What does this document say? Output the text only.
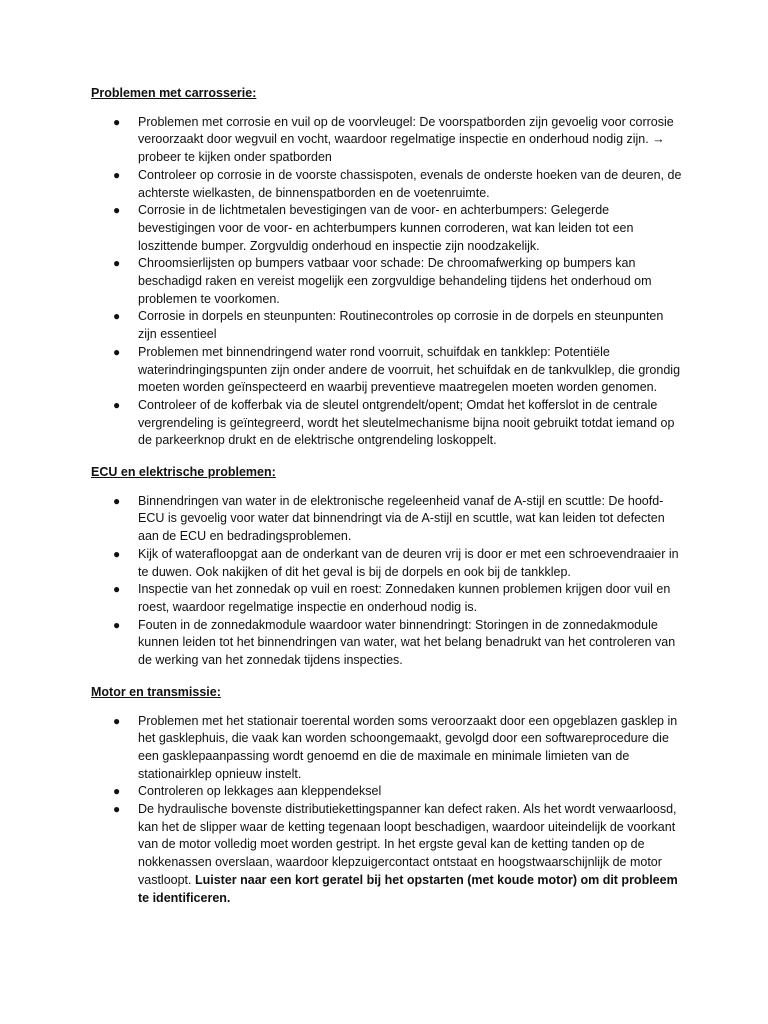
Problemen met carrosserie:
● Problemen met corrosie en vuil op de voorvleugel: De voorspatborden zijn gevoelig voor corrosie veroorzaakt door wegvuil en vocht, waardoor regelmatige inspectie en onderhoud nodig zijn. → probeer te kijken onder spatborden
● Controleer op corrosie in de voorste chassispoten, evenals de onderste hoeken van de deuren, de achterste wielkasten, de binnenspatborden en de voetenruimte.
● Corrosie in de lichtmetalen bevestigingen van de voor- en achterbumpers: Gelegerde bevestigingen voor de voor- en achterbumpers kunnen corroderen, wat kan leiden tot een loszittende bumper. Zorgvuldig onderhoud en inspectie zijn noodzakelijk.
● Chroomsierlijsten op bumpers vatbaar voor schade: De chroomafwerking op bumpers kan beschadigd raken en vereist mogelijk een zorgvuldige behandeling tijdens het onderhoud om problemen te voorkomen.
● Corrosie in dorpels en steunpunten: Routinecontroles op corrosie in de dorpels en steunpunten zijn essentieel
● Problemen met binnendringend water rond voorruit, schuifdak en tankklep: Potentiële waterindringingspunten zijn onder andere de voorruit, het schuifdak en de tankvulklep, die grondig moeten worden geïnspecteerd en waarbij preventieve maatregelen moeten worden genomen.
● Controleer of de kofferbak via de sleutel ontgrendelt/opent; Omdat het kofferslot in de centrale vergrendeling is geïntegreerd, wordt het sleutelmechanisme bijna nooit gebruikt totdat iemand op de parkeerknop drukt en de elektrische ontgrendeling loskoppelt.
ECU en elektrische problemen:
● Binnendringen van water in de elektronische regeleenheid vanaf de A-stijl en scuttle: De hoofd-ECU is gevoelig voor water dat binnendringt via de A-stijl en scuttle, wat kan leiden tot defecten aan de ECU en bedradingsproblemen.
● Kijk of waterafloopgat aan de onderkant van de deuren vrij is door er met een schroevendraaier in te duwen. Ook nakijken of dit het geval is bij de dorpels en ook bij de tankklep.
● Inspectie van het zonnedak op vuil en roest: Zonnedaken kunnen problemen krijgen door vuil en roest, waardoor regelmatige inspectie en onderhoud nodig is.
● Fouten in de zonnedakmodule waardoor water binnendringt: Storingen in de zonnedakmodule kunnen leiden tot het binnendringen van water, wat het belang benadrukt van het controleren van de werking van het zonnedak tijdens inspecties.
Motor en transmissie:
● Problemen met het stationair toerental worden soms veroorzaakt door een opgeblazen gasklep in het gasklephuis, die vaak kan worden schoongemaakt, gevolgd door een softwareprocedure die een gasklepaanpassing wordt genoemd en die de maximale en minimale limieten van de stationairklep opnieuw instelt.
● Controleren op lekkages aan kleppendeksel
● De hydraulische bovenste distributiekettingspanner kan defect raken. Als het wordt verwaarloosd, kan het de slipper waar de ketting tegenaan loopt beschadigen, waardoor uiteindelijk de voorkant van de motor volledig moet worden gestript. In het ergste geval kan de ketting tanden op de nokkenassen overslaan, waardoor klepzuigercontact ontstaat en hoogstwaarschijnlijk de motor vastloopt. Luister naar een kort geratel bij het opstarten (met koude motor) om dit probleem te identificeren.
